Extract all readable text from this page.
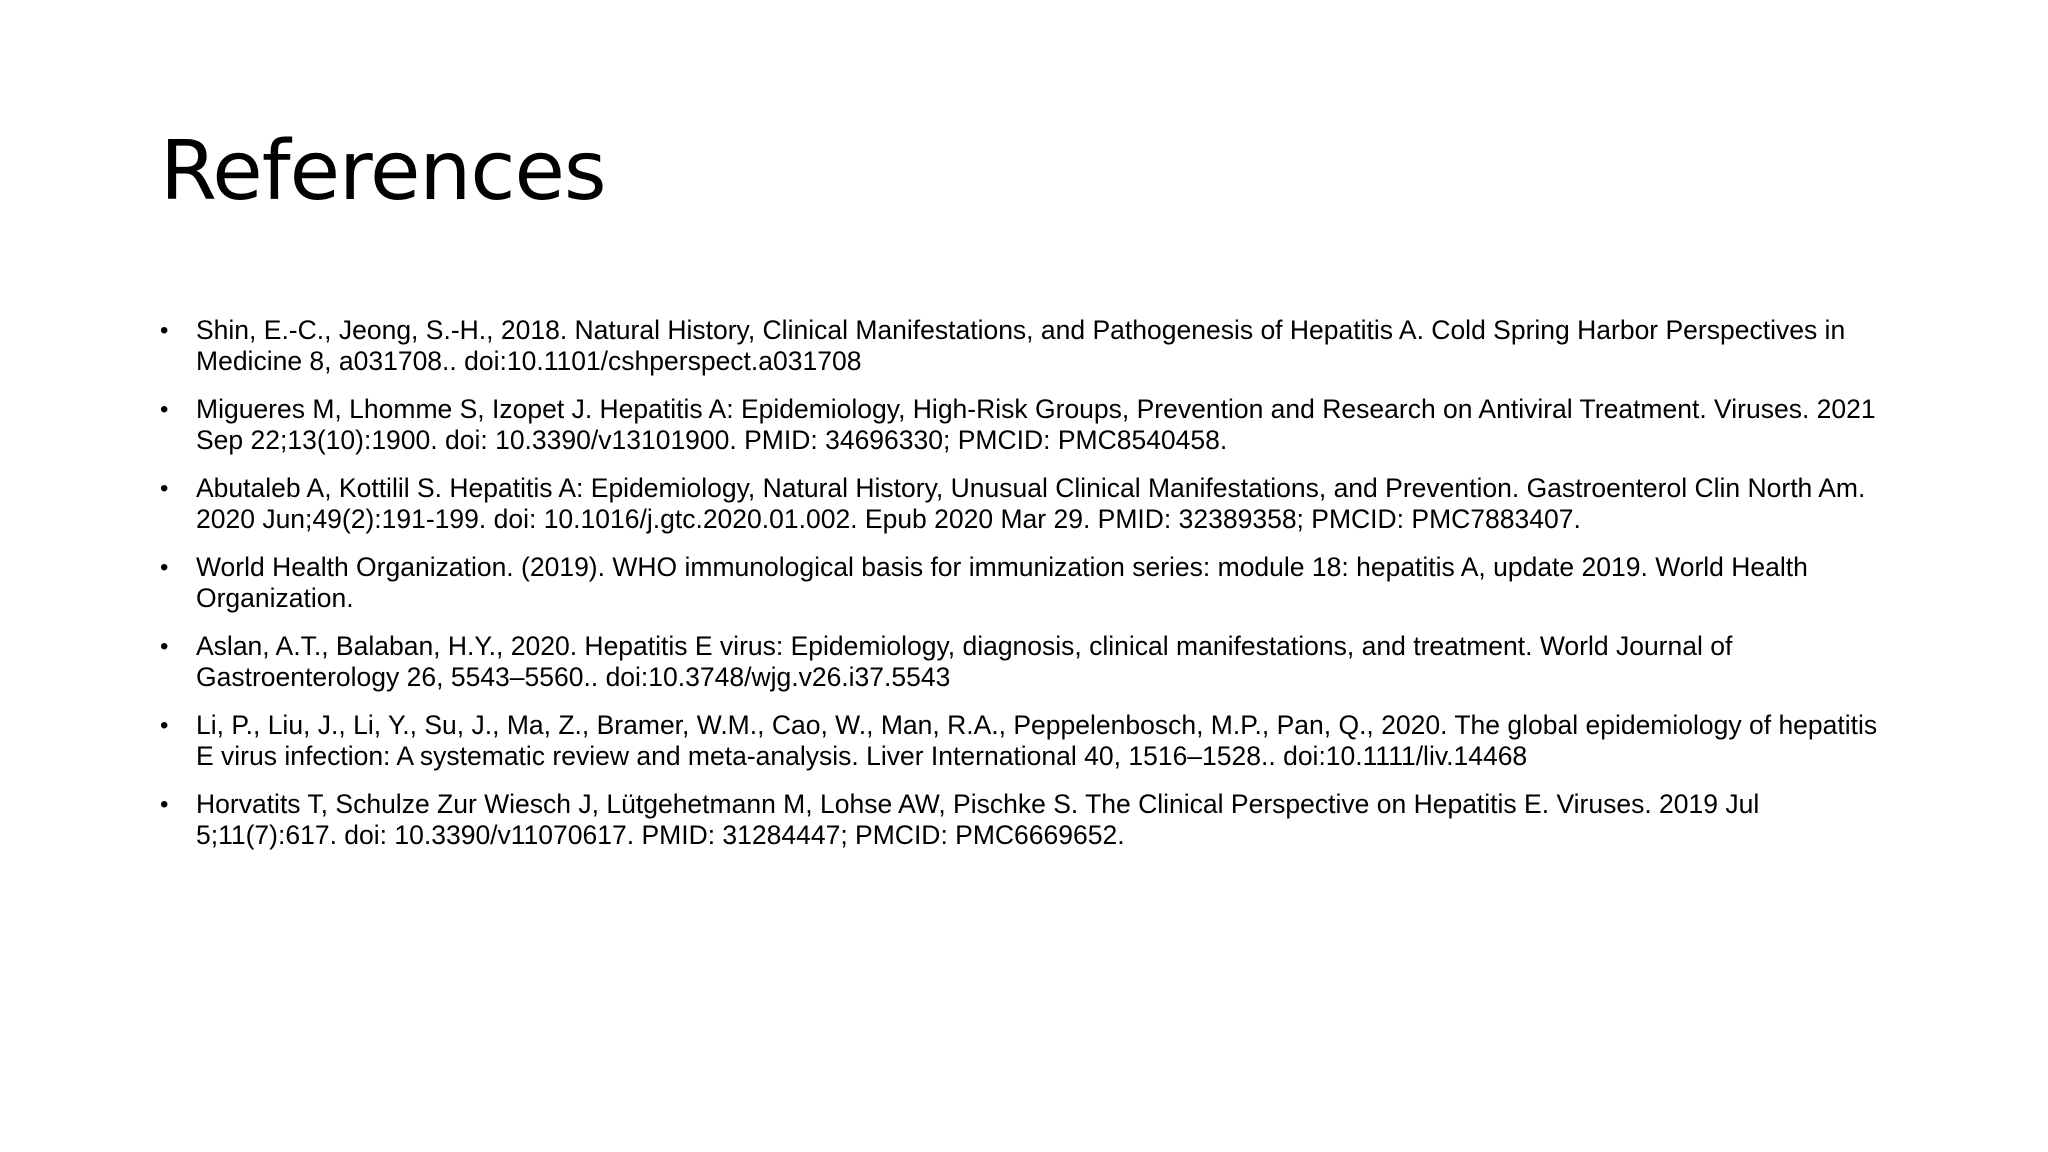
References
• Shin, E.-C., Jeong, S.-H., 2018. Natural History, Clinical Manifestations, and Pathogenesis of Hepatitis A. Cold Spring Harbor Perspectives in Medicine 8, a031708.. doi:10.1101/cshperspect.a031708
• Migueres M, Lhomme S, Izopet J. Hepatitis A: Epidemiology, High-Risk Groups, Prevention and Research on Antiviral Treatment. Viruses. 2021 Sep 22;13(10):1900. doi: 10.3390/v13101900. PMID: 34696330; PMCID: PMC8540458.
• Abutaleb A, Kottilil S. Hepatitis A: Epidemiology, Natural History, Unusual Clinical Manifestations, and Prevention. Gastroenterol Clin North Am. 2020 Jun;49(2):191-199. doi: 10.1016/j.gtc.2020.01.002. Epub 2020 Mar 29. PMID: 32389358; PMCID: PMC7883407.
• World Health Organization. (2019). WHO immunological basis for immunization series: module 18: hepatitis A, update 2019. World Health Organization.
• Aslan, A.T., Balaban, H.Y., 2020. Hepatitis E virus: Epidemiology, diagnosis, clinical manifestations, and treatment. World Journal of Gastroenterology 26, 5543–5560.. doi:10.3748/wjg.v26.i37.5543
• Li, P., Liu, J., Li, Y., Su, J., Ma, Z., Bramer, W.M., Cao, W., Man, R.A., Peppelenbosch, M.P., Pan, Q., 2020. The global epidemiology of hepatitis E virus infection: A systematic review and meta-analysis. Liver International 40, 1516–1528.. doi:10.1111/liv.14468
• Horvatits T, Schulze Zur Wiesch J, Lütgehetmann M, Lohse AW, Pischke S. The Clinical Perspective on Hepatitis E. Viruses. 2019 Jul 5;11(7):617. doi: 10.3390/v11070617. PMID: 31284447; PMCID: PMC6669652.
